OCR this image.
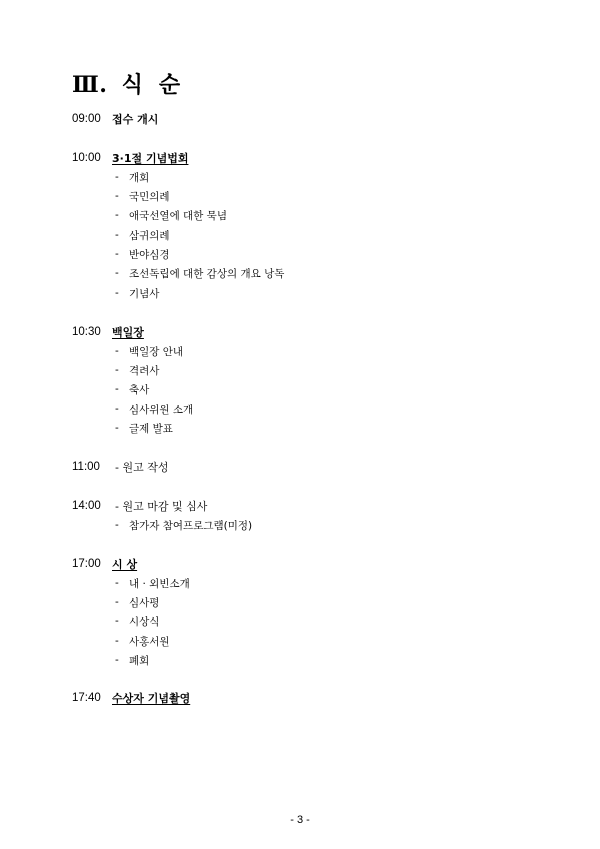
Ⅲ. 식순
09:00	접수 개시
10:00	3·1절 기념법회
- 개회
- 국민의례
- 애국선열에 대한 묵념
- 삼귀의례
- 반야심경
- 조선독립에 대한 감상의 개요 낭독
- 기념사
10:30	백일장
- 백일장 안내
- 격려사
- 축사
- 심사위원 소개
- 글제 발표
11:00	- 원고 작성
14:00	- 원고 마감 및 심사
- 참가자 참여프로그램(미정)
17:00	시 상
- 내 · 외빈소개
- 심사평
- 시상식
- 사홍서원
- 폐회
17:40	수상자 기념촬영
- 3 -
